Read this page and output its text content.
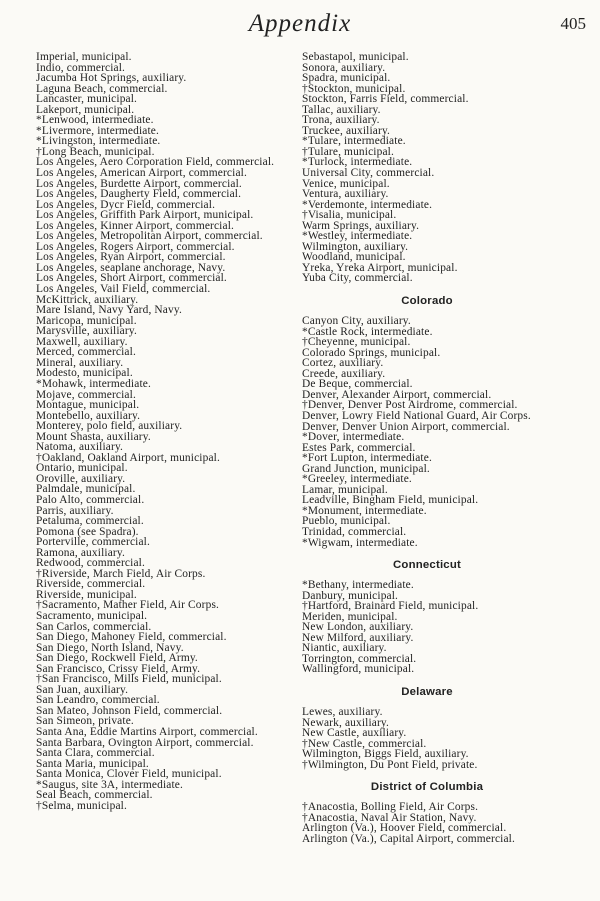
Appendix	405
Imperial, municipal.
Indio, commercial.
Jacumba Hot Springs, auxiliary.
Laguna Beach, commercial.
Lancaster, municipal.
Lakeport, municipal.
*Lenwood, intermediate.
*Livermore, intermediate.
*Livingston, intermediate.
†Long Beach, municipal.
Los Angeles, Aero Corporation Field, commercial.
Los Angeles, American Airport, commercial.
Los Angeles, Burdette Airport, commercial.
Los Angeles, Daugherty Field, commercial.
Los Angeles, Dycr Field, commercial.
Los Angeles, Griffith Park Airport, municipal.
Los Angeles, Kinner Airport, commercial.
Los Angeles, Metropolitan Airport, commercial.
Los Angeles, Rogers Airport, commercial.
Los Angeles, Ryan Airport, commercial.
Los Angeles, seaplane anchorage, Navy.
Los Angeles, Short Airport, commercial.
Los Angeles, Vail Field, commercial.
McKittrick, auxiliary.
Mare Island, Navy Yard, Navy.
Maricopa, municipal.
Marysville, auxiliary.
Maxwell, auxiliary.
Merced, commercial.
Mineral, auxiliary.
Modesto, municipal.
*Mohawk, intermediate.
Mojave, commercial.
Montague, municipal.
Montebello, auxiliary.
Monterey, polo field, auxiliary.
Mount Shasta, auxiliary.
Natoma, auxiliary.
†Oakland, Oakland Airport, municipal.
Ontario, municipal.
Oroville, auxiliary.
Palmdale, municipal.
Palo Alto, commercial.
Parris, auxiliary.
Petaluma, commercial.
Pomona (see Spadra).
Porterville, commercial.
Ramona, auxiliary.
Redwood, commercial.
†Riverside, March Field, Air Corps.
Riverside, commercial.
Riverside, municipal.
†Sacramento, Mather Field, Air Corps.
Sacramento, municipal.
San Carlos, commercial.
San Diego, Mahoney Field, commercial.
San Diego, North Island, Navy.
San Diego, Rockwell Field, Army.
San Francisco, Crissy Field, Army.
†San Francisco, Mills Field, municipal.
San Juan, auxiliary.
San Leandro, commercial.
San Mateo, Johnson Field, commercial.
San Simeon, private.
Santa Ana, Eddie Martins Airport, commercial.
Santa Barbara, Ovington Airport, commercial.
Santa Clara, commercial.
Santa Maria, municipal.
Santa Monica, Clover Field, municipal.
*Saugus, site 3A, intermediate.
Seal Beach, commercial.
†Selma, municipal.
Sebastapol, municipal.
Sonora, auxiliary.
Spadra, municipal.
†Stockton, municipal.
Stockton, Farris Field, commercial.
Tallac, auxiliary.
Trona, auxiliary.
Truckee, auxiliary.
*Tulare, intermediate.
†Tulare, municipal.
*Turlock, intermediate.
Universal City, commercial.
Venice, municipal.
Ventura, auxiliary.
*Verdemonte, intermediate.
†Visalia, municipal.
Warm Springs, auxiliary.
*Westley, intermediate.
Wilmington, auxiliary.
Woodland, municipal.
Yreka, Yreka Airport, municipal.
Yuba City, commercial.
Colorado
Canyon City, auxiliary.
*Castle Rock, intermediate.
†Cheyenne, municipal.
Colorado Springs, municipal.
Cortez, auxiliary.
Creede, auxiliary.
De Beque, commercial.
Denver, Alexander Airport, commercial.
†Denver, Denver Post Airdrome, commercial.
Denver, Lowry Field National Guard, Air Corps.
Denver, Denver Union Airport, commercial.
*Dover, intermediate.
Estes Park, commercial.
*Fort Lupton, intermediate.
Grand Junction, municipal.
*Greeley, intermediate.
Lamar, municipal.
Leadville, Bingham Field, municipal.
*Monument, intermediate.
Pueblo, municipal.
Trinidad, commercial.
*Wigwam, intermediate.
Connecticut
*Bethany, intermediate.
Danbury, municipal.
†Hartford, Brainard Field, municipal.
Meriden, municipal.
New London, auxiliary.
New Milford, auxiliary.
Niantic, auxiliary.
Torrington, commercial.
Wallingford, municipal.
Delaware
Lewes, auxiliary.
Newark, auxiliary.
New Castle, auxiliary.
†New Castle, commercial.
Wilmington, Biggs Field, auxiliary.
†Wilmington, Du Pont Field, private.
District of Columbia
†Anacostia, Bolling Field, Air Corps.
†Anacostia, Naval Air Station, Navy.
Arlington (Va.), Hoover Field, commercial.
Arlington (Va.), Capital Airport, commercial.
